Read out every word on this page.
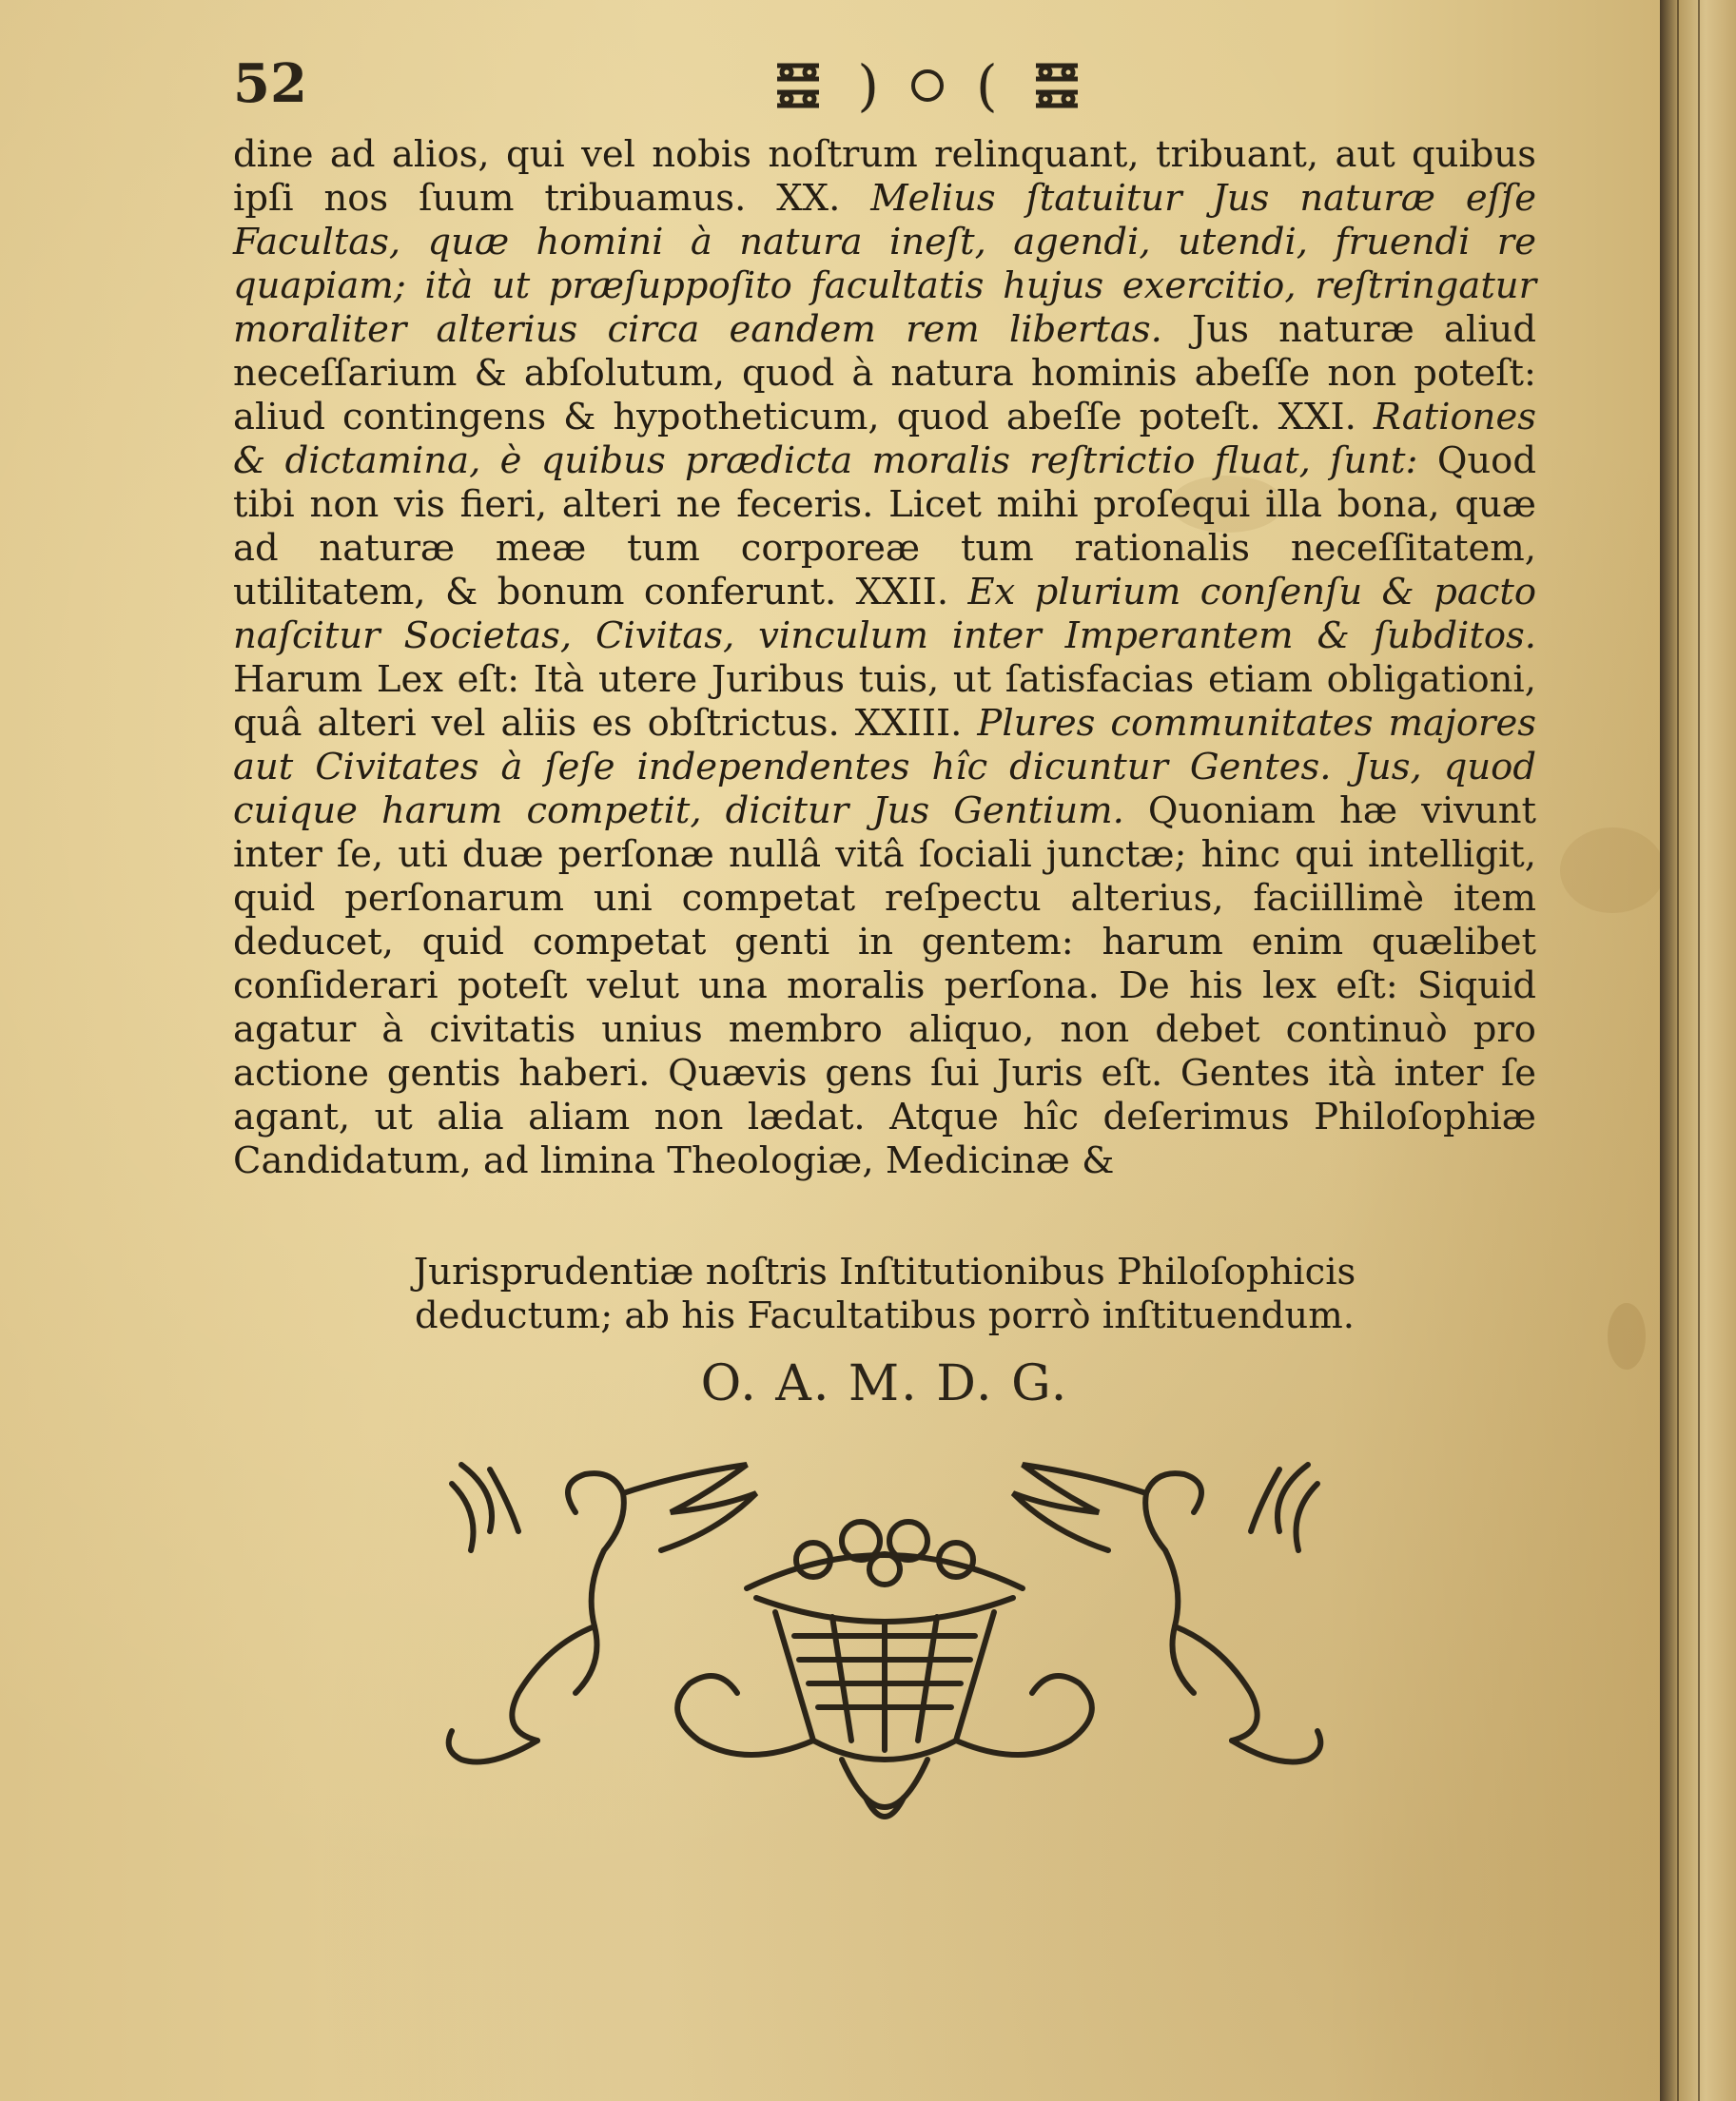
52	) (

dine ad alios, qui vel nobis noſtrum relinquant, tribuant, aut quibus ipſi nos ſuum tribuamus. XX. Melius ſtatuitur Jus naturæ eſſe Facultas, quæ homini à natura ineſt, agendi, utendi, fruendi re quapiam; ità ut præſuppoſito facultatis hujus exercitio, reſtringatur moraliter alterius circa eandem rem libertas. Jus naturæ aliud neceſſarium & abſolutum, quod à natura hominis abeſſe non poteſt: aliud contingens & hypotheticum, quod abeſſe poteſt. XXI. Rationes & dictamina, è quibus prædicta moralis reſtrictio fluat, ſunt: Quod tibi non vis fieri, alteri ne feceris. Licet mihi proſequi illa bona, quæ ad naturæ meæ tum corporeæ tum rationalis neceſſitatem, utilitatem, & bonum conferunt. XXII. Ex plurium conſenſu & pacto naſcitur Societas, Civitas, vinculum inter Imperantem & ſubditos. Harum Lex eſt: Ità utere Juribus tuis, ut ſatisfacias etiam obligationi, quâ alteri vel aliis es obſtrictus. XXIII. Plures communitates majores aut Civitates à ſeſe independentes hîc dicuntur Gentes. Jus, quod cuique harum competit, dicitur Jus Gentium. Quoniam hæ vivunt inter ſe, uti duæ perſonæ nullâ vitâ ſociali junctæ; hinc qui intelligit, quid perſonarum uni competat reſpectu alterius, faciillimè item deducet, quid competat genti in gentem: harum enim quælibet conſiderari poteſt velut una moralis perſona. De his lex eſt: Siquid agatur à civitatis unius membro aliquo, non debet continuò pro actione gentis haberi. Quævis gens ſui Juris eſt. Gentes ità inter ſe agant, ut alia aliam non lædat. Atque hîc deſerimus Philoſophiæ Candidatum, ad limina Theologiæ, Medicinæ &

Jurisprudentiæ noſtris Inſtitutionibus Philoſophicis deductum; ab his Facultatibus porrò inſtituendum.
O. A. M. D. G.
